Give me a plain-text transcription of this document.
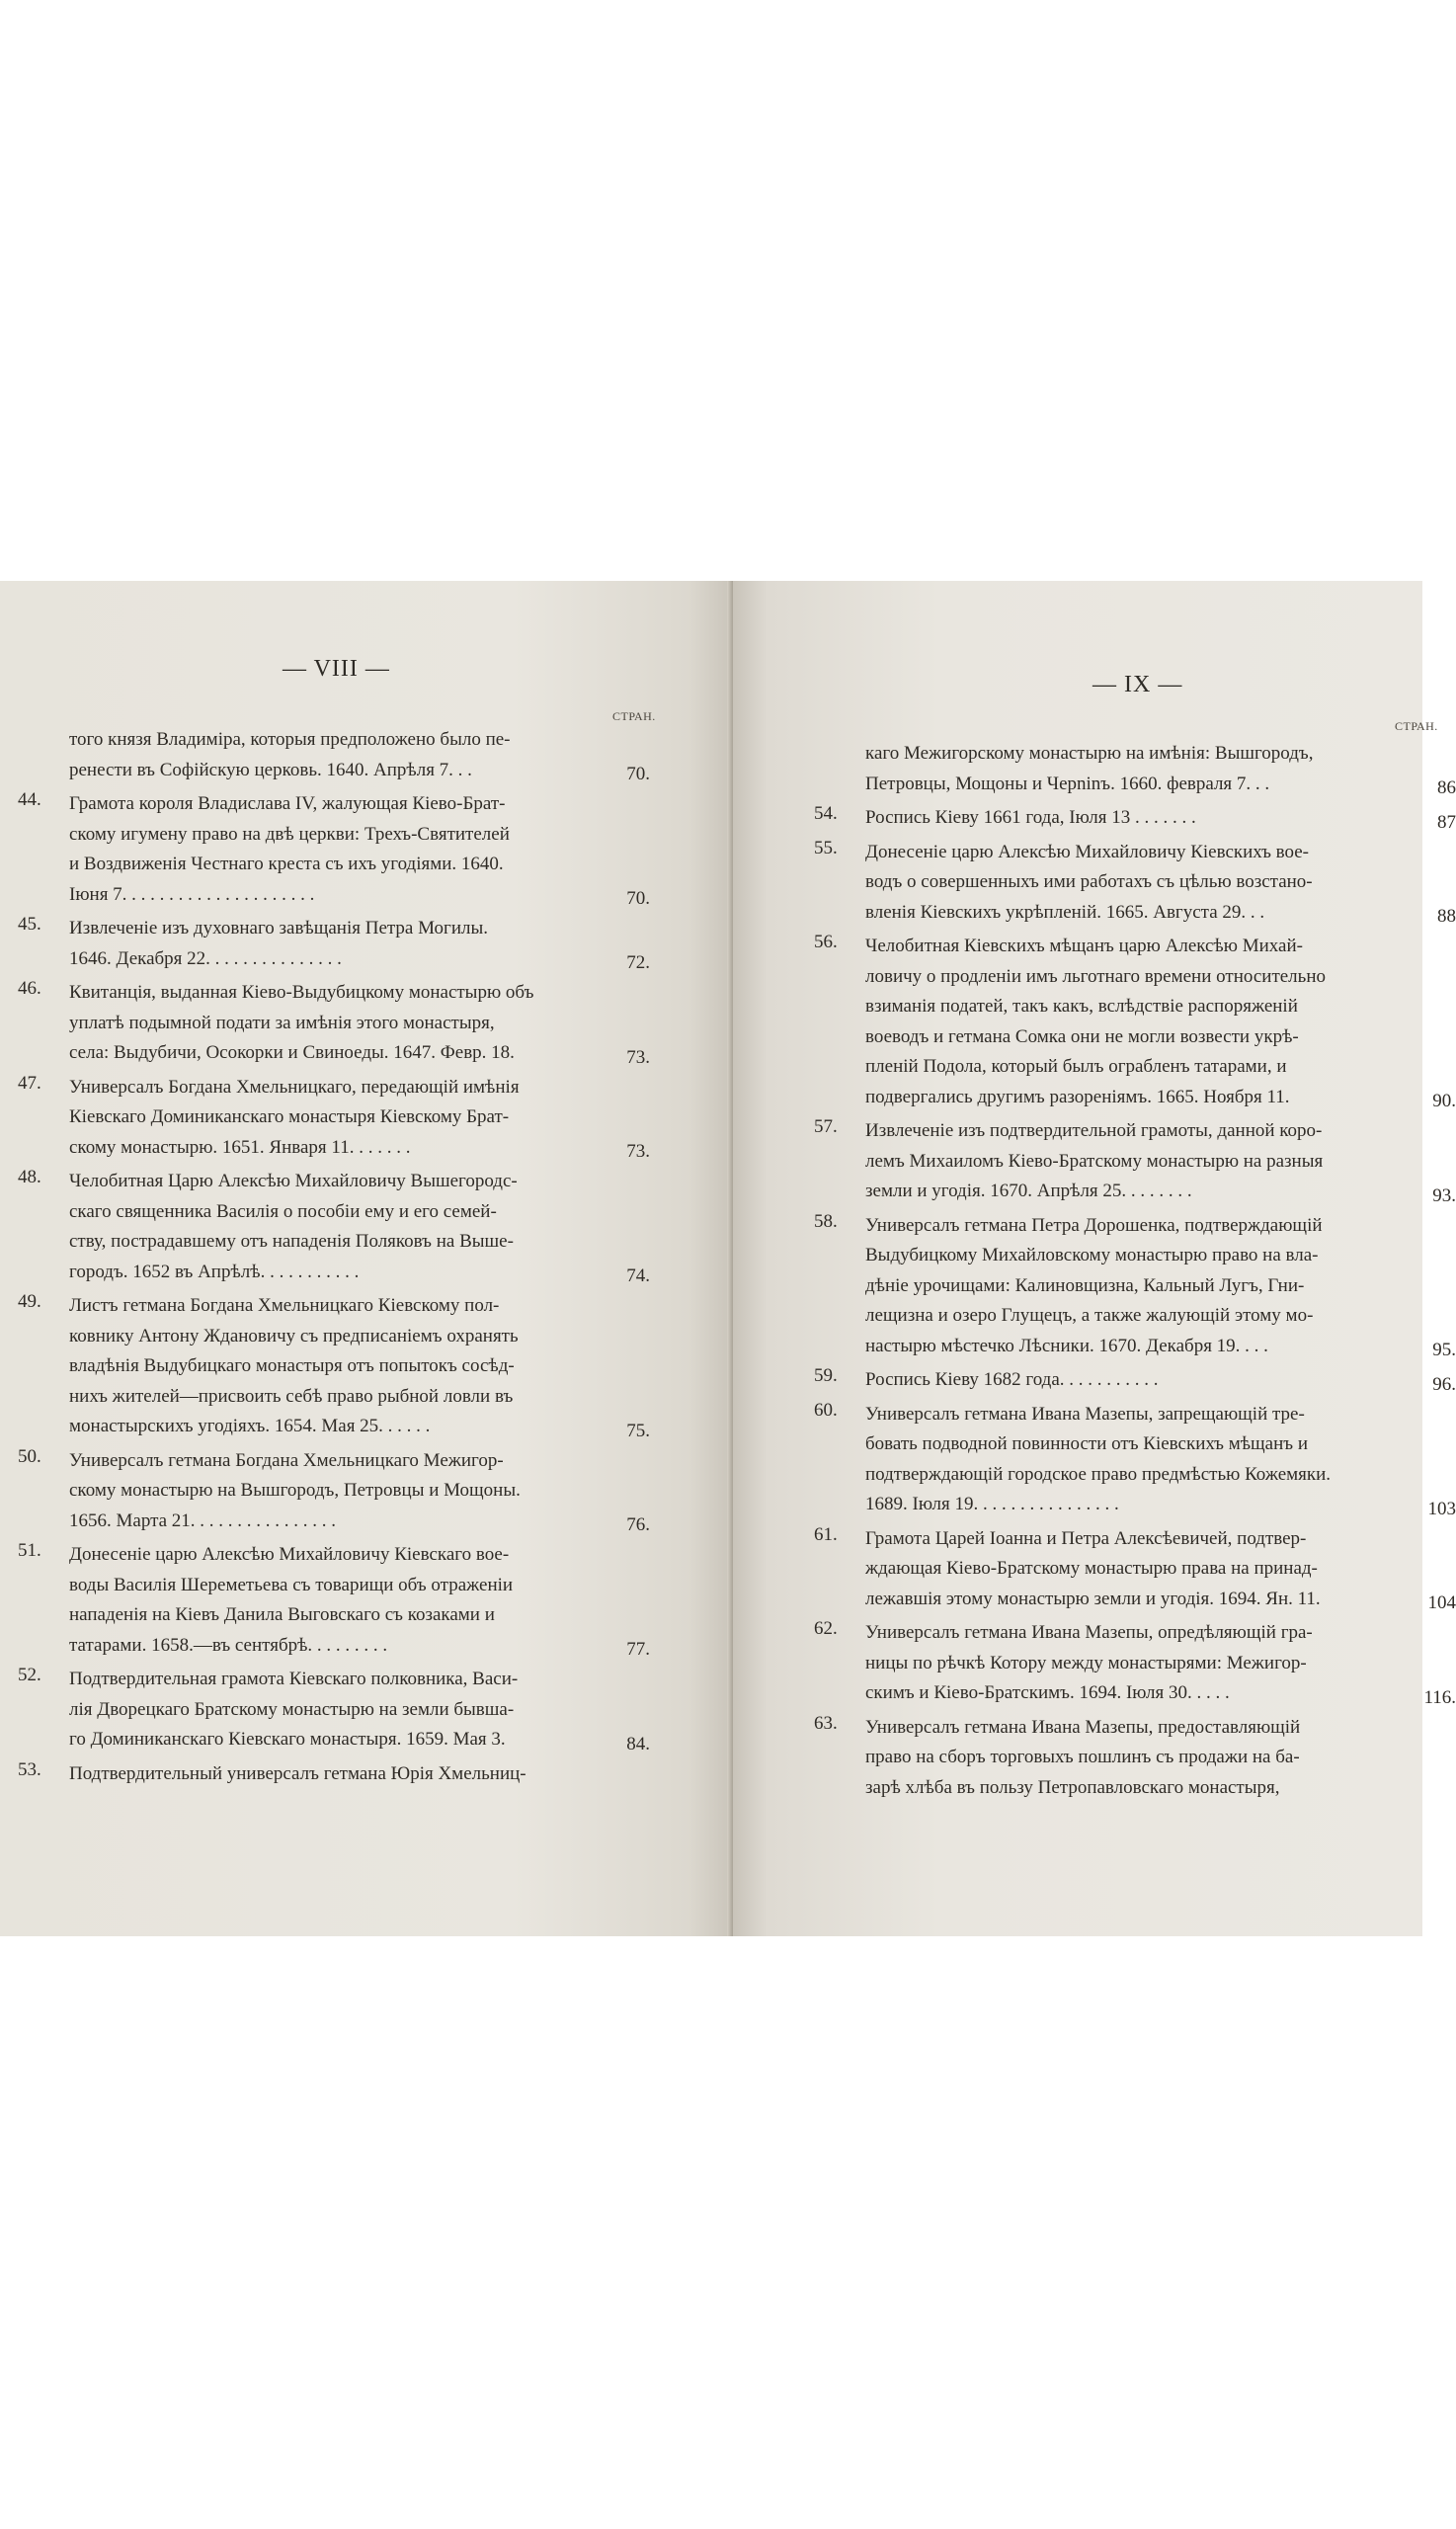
— VIII —
СТРАН.
того князя Владиміра, которыя предположено было пе-
ренести въ Софійскую церковь. 1640. Апрѣля 7. . .	70.
44. Грамота короля Владислава IV, жалующая Кіево-Брат-
скому игумену право на двѣ церкви: Трехъ-Святителей
и Воздвиженія Честнаго креста съ ихъ угодіями. 1640.
Іюня 7. . . . . . . . . . . . . . . . . . . . .	70.
45. Извлеченіе изъ духовнаго завѣщанія Петра Могилы.
1646. Декабря 22. . . . . . . . . . . . . . .	72.
46. Квитанція, выданная Кіево-Выдубицкому монастырю объ
уплатѣ подымной подати за имѣнія этого монастыря,
села: Выдубичи, Осокорки и Свиноеды. 1647. Февр. 18.	73.
47. Универсалъ Богдана Хмельницкаго, передающій имѣнія
Кіевскаго Доминиканскаго монастыря Кіевскому Брат-
скому монастырю. 1651. Января 11. . . . . . .	73.
48. Челобитная Царю Алексѣю Михайловичу Вышегородс-
скаго священника Василія о пособіи ему и его семей-
ству, пострадавшему отъ нападенія Поляковъ на Выше-
городъ. 1652 въ Апрѣлѣ. . . . . . . . . . .	74.
49. Листъ гетмана Богдана Хмельницкаго Кіевскому пол-
ковнику Антону Ждановичу съ предписаніемъ охранять
владѣнія Выдубицкаго монастыря отъ попытокъ сосѣд-
нихъ жителей—присвоить себѣ право рыбной ловли въ
монастырскихъ угодіяхъ. 1654. Мая 25. . . . . .	75.
50. Универсалъ гетмана Богдана Хмельницкаго Межигор-
скому монастырю на Вышгородъ, Петровцы и Мощоны.
1656. Марта 21. . . . . . . . . . . . . . . .	76.
51. Донесеніе царю Алексѣю Михайловичу Кіевскаго вое-
воды Василія Шереметьева съ товарищи объ отраженіи
нападенія на Кіевъ Данила Выговскаго съ козаками и
татарами. 1658.—въ сентябрѣ. . . . . . . . .	77.
52. Подтвердительная грамота Кіевскаго полковника, Васи-
лія Дворецкаго Братскому монастырю на земли бывша-
го Доминиканскаго Кіевскаго монастыря. 1659. Мая 3.	84.
53. Подтвердительный универсалъ гетмана Юрія Хмельниц-
— IX —
СТРАН.
каго Межигорскому монастырю на имѣнія: Вышгородъ,
Петровцы, Мощоны и Черninъ. 1660. февраля 7. . .	86
54. Роспись Кіеву 1661 года, Іюля 13 . . . . . . .	87
55. Донесеніе царю Алексѣю Михайловичу Кіевскихъ вое-
водъ о совершенныхъ ими работахъ съ цѣлью возстано-
вленія Кіевскихъ укрѣпленій. 1665. Августа 29. . .	88
56. Челобитная Кіевскихъ мѣщанъ царю Алексѣю Михай-
ловичу о продленіи имъ льготнаго времени относительно
взиманія податей, такъ какъ, вслѣдствіе распоряженій
воеводъ и гетмана Сомка они не могли возвести укрѣ-
пленій Подола, который былъ ограбленъ татарами, и
подвергались другимъ разореніямъ. 1665. Ноября 11.	90.
57. Извлеченіе изъ подтвердительной грамоты, данной коро-
лемъ Михаиломъ Кіево-Братскому монастырю на разныя
земли и угодія. 1670. Апрѣля 25. . . . . . . .	93.
58. Универсалъ гетмана Петра Дорошенка, подтверждающій
Выдубицкому Михайловскому монастырю право на вла-
дѣніе урочищами: Калиновщизна, Кальный Лугъ, Гни-
лещизна и озеро Глущецъ, а также жалующій этому мо-
настырю мѣстечко Лѣсники. 1670. Декабря 19. . . .	95.
59. Роспись Кіеву 1682 года. . . . . . . . . . .	96.
60. Универсалъ гетмана Ивана Мазепы, запрещающій тре-
бовать подводной повинности отъ Кіевскихъ мѣщанъ и
подтверждающій городское право предмѣстью Кожемяки.
1689. Іюля 19. . . . . . . . . . . . . . . .	103
61. Грамота Царей Іоанна и Петра Алексѣевичей, подтвер-
ждающая Кіево-Братскому монастырю права на принад-
лежавшія этому монастырю земли и угодія. 1694. Ян. 11.	104
62. Универсалъ гетмана Ивана Мазепы, опредѣляющій гра-
ницы по рѣчкѣ Котору между монастырями: Межигор-
скимъ и Кіево-Братскимъ. 1694. Іюля 30. . . . .	116.
63. Универсалъ гетмана Ивана Мазепы, предоставляющій
право на сборъ торговыхъ пошлинъ съ продажи на ба-
зарѣ хлѣба въ пользу Петропавловскаго монастыря,
